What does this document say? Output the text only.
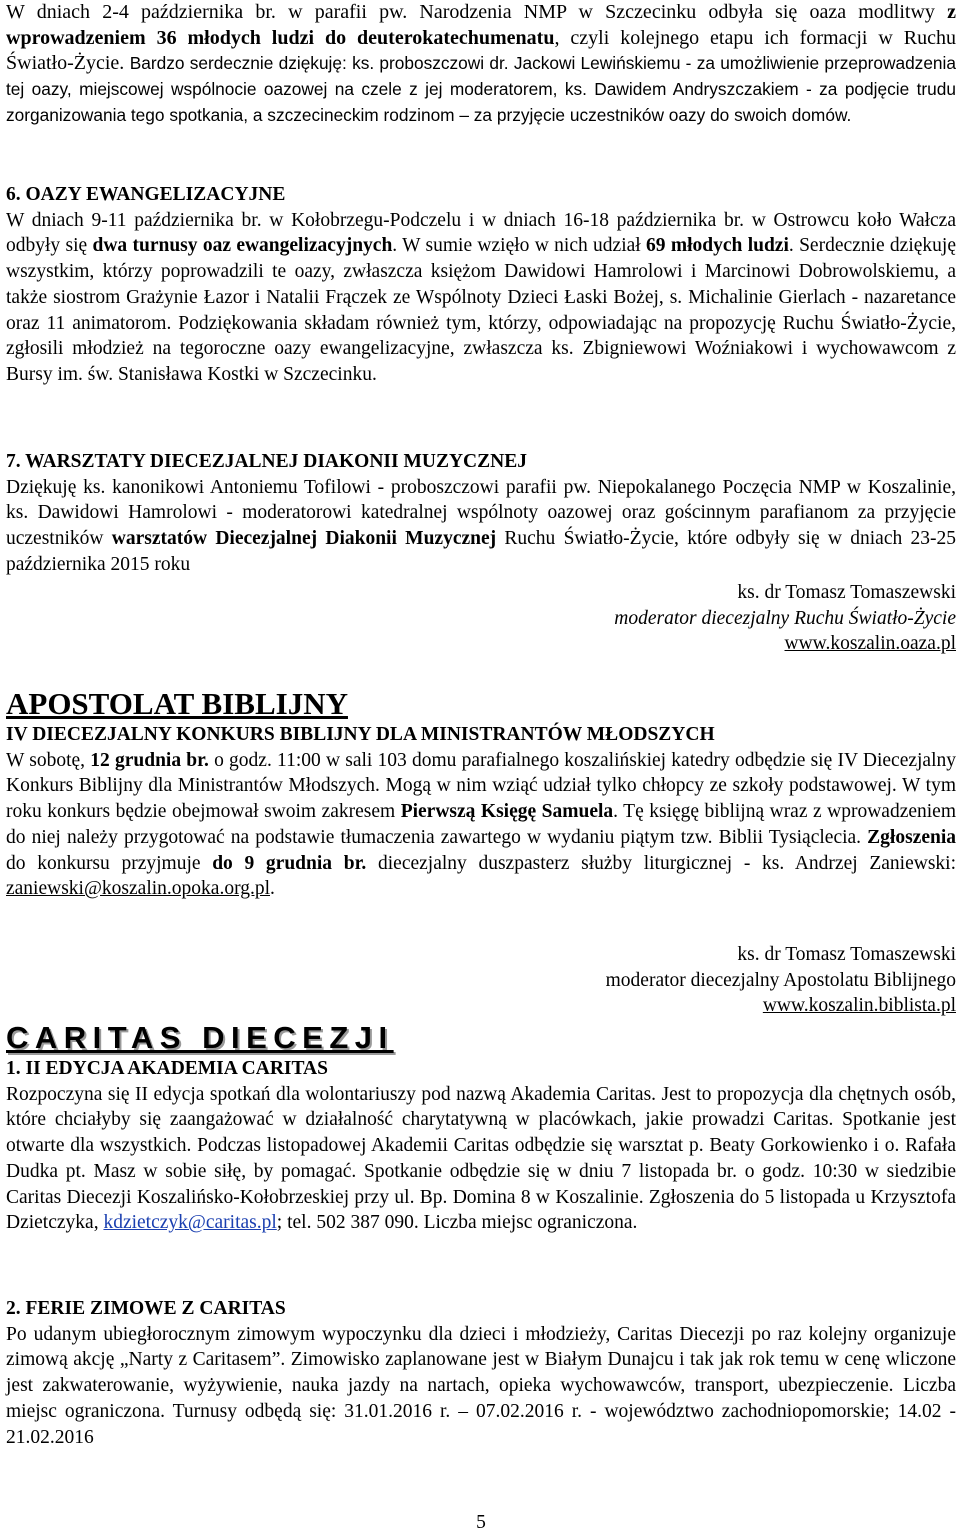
W dniach 2-4 października br. w parafii pw. Narodzenia NMP w Szczecinku odbyła się oaza modlitwy z wprowadzeniem 36 młodych ludzi do deuterokatechumenatu, czyli kolejnego etapu ich formacji w Ruchu Światło-Życie. Bardzo serdecznie dziękuję: ks. proboszczowi dr. Jackowi Lewińskiemu - za umożliwienie przeprowadzenia tej oazy, miejscowej wspólnocie oazowej na czele z jej moderatorem, ks. Dawidem Andryszczakiem - za podjęcie trudu zorganizowania tego spotkania, a szczecineckim rodzinom – za przyjęcie uczestników oazy do swoich domów.

6. OAZY EWANGELIZACYJNE

W dniach 9-11 października br. w Kołobrzegu-Podczelu i w dniach 16-18 października br. w Ostrowcu koło Wałcza odbyły się dwa turnusy oaz ewangelizacyjnych. W sumie wzięło w nich udział 69 młodych ludzi. Serdecznie dziękuję wszystkim, którzy poprowadzili te oazy, zwłaszcza księżom Dawidowi Hamrolowi i Marcinowi Dobrowolskiemu, a także siostrom Grażynie Łazor i Natalii Frączek ze Wspólnoty Dzieci Łaski Bożej, s. Michalinie Gierlach - nazaretance oraz 11 animatorom. Podziękowania składam również tym, którzy, odpowiadając na propozycję Ruchu Światło-Życie, zgłosili młodzież na tegoroczne oazy ewangelizacyjne, zwłaszcza ks. Zbigniewowi Woźniakowi i wychowawcom z Bursy im. św. Stanisława Kostki w Szczecinku.

7. WARSZTATY DIECEZJALNEJ DIAKONII MUZYCZNEJ

Dziękuję ks. kanonikowi Antoniemu Tofilowi - proboszczowi parafii pw. Niepokalanego Poczęcia NMP w Koszalinie, ks. Dawidowi Hamrolowi - moderatorowi katedralnej wspólnoty oazowej oraz gościnnym parafianom za przyjęcie uczestników warsztatów Diecezjalnej Diakonii Muzycznej Ruchu Światło-Życie, które odbyły się w dniach 23-25 października 2015 roku

ks. dr Tomasz Tomaszewski

moderator diecezjalny Ruchu Światło-Życie

www.koszalin.oaza.pl

APOSTOLAT BIBLIJNY

IV DIECEZJALNY KONKURS BIBLIJNY DLA MINISTRANTÓW MŁODSZYCH

W sobotę, 12 grudnia br. o godz. 11:00 w sali 103 domu parafialnego koszalińskiej katedry odbędzie się IV Diecezjalny Konkurs Biblijny dla Ministrantów Młodszych. Mogą w nim wziąć udział tylko chłopcy ze szkoły podstawowej. W tym roku konkurs będzie obejmował swoim zakresem Pierwszą Księgę Samuela. Tę księgę biblijną wraz z wprowadzeniem do niej należy przygotować na podstawie tłumaczenia zawartego w wydaniu piątym tzw. Biblii Tysiąclecia. Zgłoszenia do konkursu przyjmuje do 9 grudnia br. diecezjalny duszpasterz służby liturgicznej - ks. Andrzej Zaniewski: zaniewski@koszalin.opoka.org.pl.

ks. dr Tomasz Tomaszewski

moderator diecezjalny Apostolatu Biblijnego

www.koszalin.biblista.pl

CARITAS DIECEZJI

1. II EDYCJA AKADEMIA CARITAS

Rozpoczyna się II edycja spotkań dla wolontariuszy pod nazwą Akademia Caritas. Jest to propozycja dla chętnych osób, które chciałyby się zaangażować w działalność charytatywną w placówkach, jakie prowadzi Caritas. Spotkanie jest otwarte dla wszystkich. Podczas listopadowej Akademii Caritas odbędzie się warsztat p. Beaty Gorkowienko i o. Rafała Dudka pt. Masz w sobie siłę, by pomagać. Spotkanie odbędzie się w dniu 7 listopada br. o godz. 10:30 w siedzibie Caritas Diecezji Koszalińsko-Kołobrzeskiej przy ul. Bp. Domina 8 w Koszalinie. Zgłoszenia do 5 listopada u Krzysztofa Dzietczyka, kdzietczyk@caritas.pl; tel. 502 387 090. Liczba miejsc ograniczona.

2. FERIE ZIMOWE Z CARITAS

Po udanym ubiegłorocznym zimowym wypoczynku dla dzieci i młodzieży, Caritas Diecezji po raz kolejny organizuje zimową akcję „Narty z Caritasem”. Zimowisko zaplanowane jest w Białym Dunajcu i tak jak rok temu w cenę wliczone jest zakwaterowanie, wyżywienie, nauka jazdy na nartach, opieka wychowawców, transport, ubezpieczenie. Liczba miejsc ograniczona. Turnusy odbędą się: 31.01.2016 r. – 07.02.2016 r. - województwo zachodniopomorskie; 14.02 - 21.02.2016

5
